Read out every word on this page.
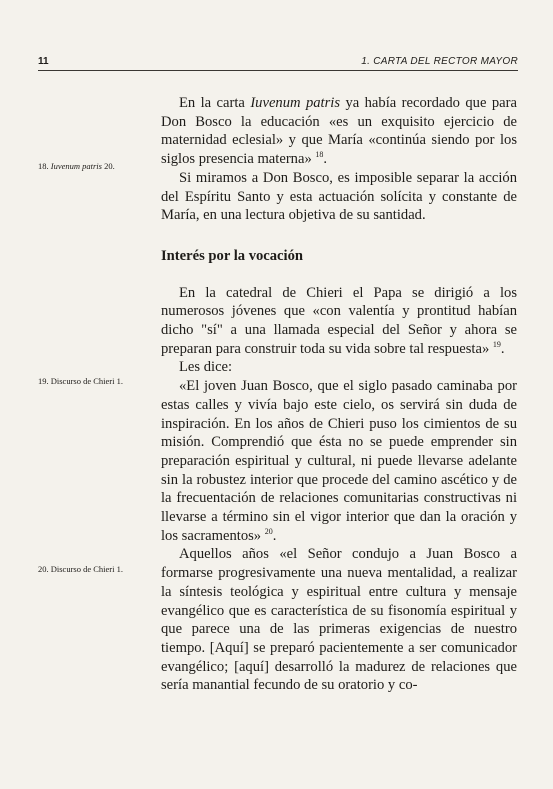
11	1. CARTA DEL RECTOR MAYOR

En la carta Iuvenum patris ya había recordado que para Don Bosco la educación «es un exquisito ejercicio de maternidad eclesial» y que María «continúa siendo por los siglos presencia materna» $^{18}$.

Si miramos a Don Bosco, es imposible separar la acción del Espíritu Santo y esta actuación solícita y constante de María, en una lectura objetiva de su santidad.

Interés por la vocación

En la catedral de Chieri el Papa se dirigió a los numerosos jóvenes que «con valentía y prontitud habían dicho "sí" a una llamada especial del Señor y ahora se preparan para construir toda su vida sobre tal respuesta» $^{19}$.

Les dice:

«El joven Juan Bosco, que el siglo pasado caminaba por estas calles y vivía bajo este cielo, os servirá sin duda de inspiración. En los años de Chieri puso los cimientos de su misión. Comprendió que ésta no se puede emprender sin preparación espiritual y cultural, ni puede llevarse adelante sin la robustez interior que procede del camino ascético y de la frecuentación de relaciones comunitarias constructivas ni llevarse a término sin el vigor interior que dan la oración y los sacramentos» $^{20}$.

Aquellos años «el Señor condujo a Juan Bosco a formarse progresivamente una nueva mentalidad, a realizar la síntesis teológica y espiritual entre cultura y mensaje evangélico que es característica de su fisonomía espiritual y que parece una de las primeras exigencias de nuestro tiempo. [Aquí] se preparó pacientemente a ser comunicador evangélico; [aquí] desarrolló la madurez de relaciones que sería manantial fecundo de su oratorio y co-

18. Iuvenum patris 20.
19. Discurso de Chieri 1.
20. Discurso de Chieri 1.
